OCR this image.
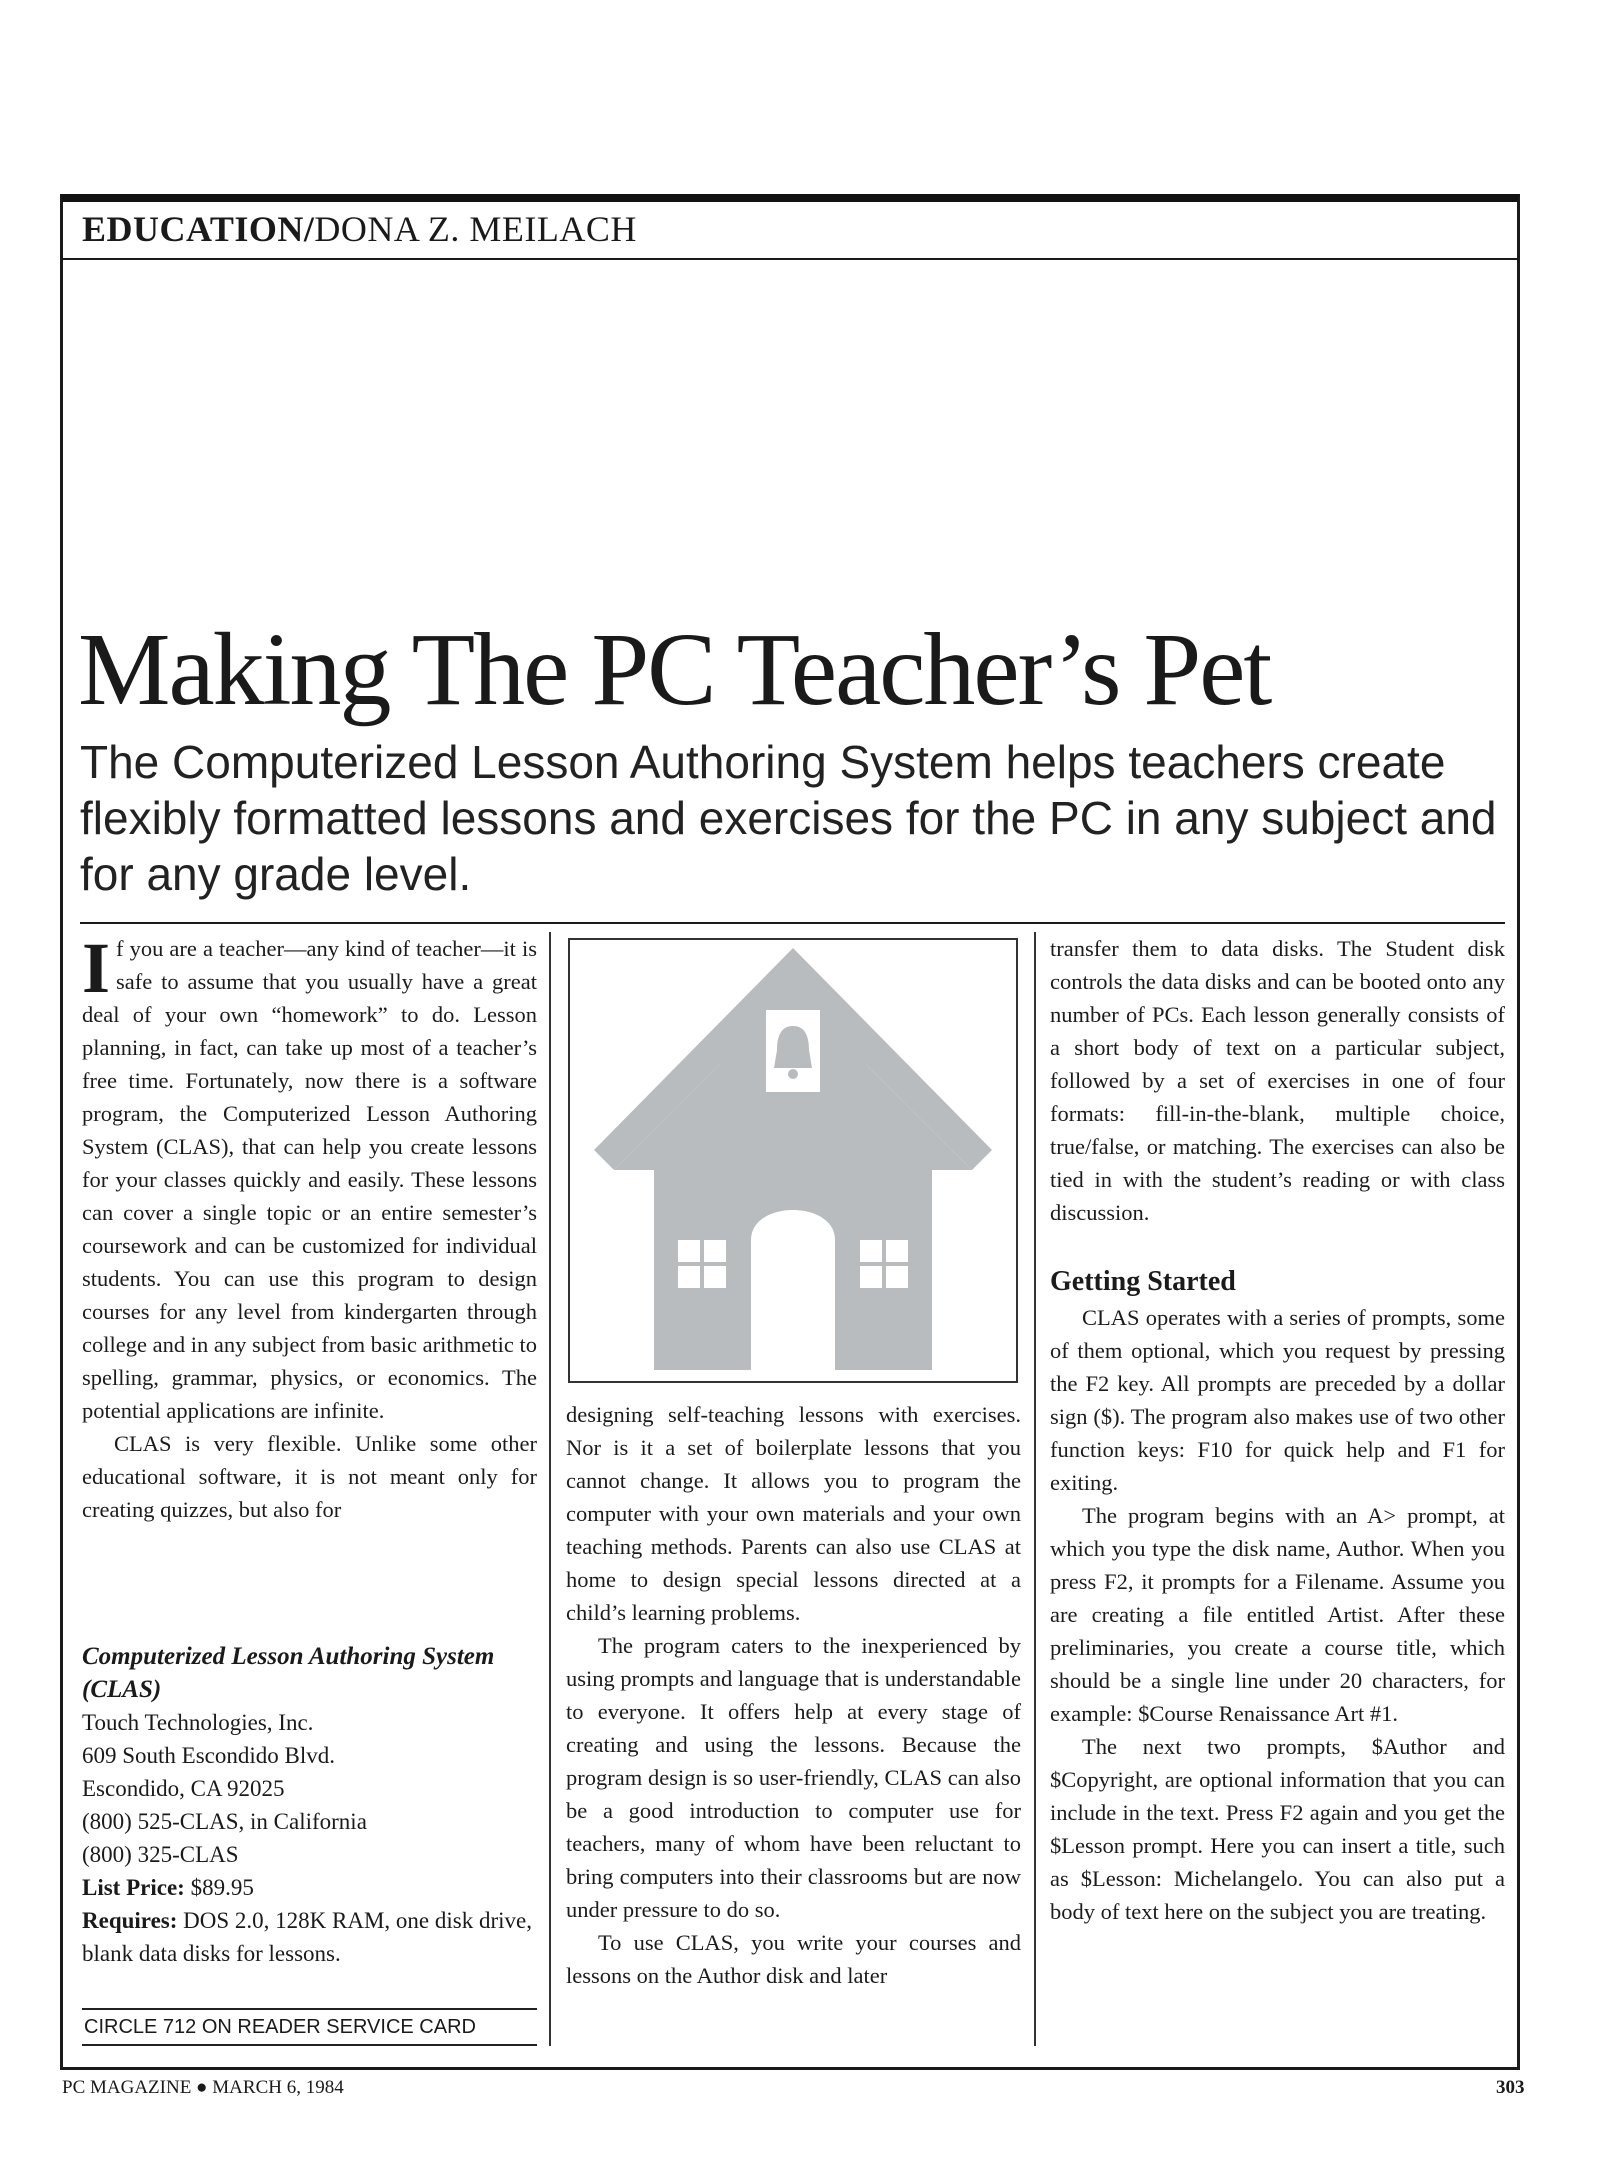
EDUCATION/DONA Z. MEILACH
Making The PC Teacher’s Pet
The Computerized Lesson Authoring System helps teachers create flexibly formatted lessons and exercises for the PC in any subject and for any grade level.

If you are a teacher—any kind of teacher—it is safe to assume that you usually have a great deal of your own “homework” to do. Lesson planning, in fact, can take up most of a teacher’s free time. Fortunately, now there is a software program, the Computerized Lesson Authoring System (CLAS), that can help you create lessons for your classes quickly and easily. These lessons can cover a single topic or an entire semester’s coursework and can be customized for individual students. You can use this program to design courses for any level from kindergarten through college and in any subject from basic arithmetic to spelling, grammar, physics, or economics. The potential applications are infinite.

CLAS is very flexible. Unlike some other educational software, it is not meant only for creating quizzes, but also for

Computerized Lesson Authoring System (CLAS)
Touch Technologies, Inc.
609 South Escondido Blvd.
Escondido, CA 92025
(800) 525-CLAS, in California
(800) 325-CLAS
List Price: $89.95
Requires: DOS 2.0, 128K RAM, one disk drive, blank data disks for lessons.
CIRCLE 712 ON READER SERVICE CARD

designing self-teaching lessons with exercises. Nor is it a set of boilerplate lessons that you cannot change. It allows you to program the computer with your own materials and your own teaching methods. Parents can also use CLAS at home to design special lessons directed at a child’s learning problems.

The program caters to the inexperienced by using prompts and language that is understandable to everyone. It offers help at every stage of creating and using the lessons. Because the program design is so user-friendly, CLAS can also be a good introduction to computer use for teachers, many of whom have been reluctant to bring computers into their classrooms but are now under pressure to do so.

To use CLAS, you write your courses and lessons on the Author disk and later

transfer them to data disks. The Student disk controls the data disks and can be booted onto any number of PCs. Each lesson generally consists of a short body of text on a particular subject, followed by a set of exercises in one of four formats: fill-in-the-blank, multiple choice, true/false, or matching. The exercises can also be tied in with the student’s reading or with class discussion.

Getting Started

CLAS operates with a series of prompts, some of them optional, which you request by pressing the F2 key. All prompts are preceded by a dollar sign ($). The program also makes use of two other function keys: F10 for quick help and F1 for exiting.

The program begins with an A> prompt, at which you type the disk name, Author. When you press F2, it prompts for a Filename. Assume you are creating a file entitled Artist. After these preliminaries, you create a course title, which should be a single line under 20 characters, for example: $Course Renaissance Art #1.

The next two prompts, $Author and $Copyright, are optional information that you can include in the text. Press F2 again and you get the $Lesson prompt. Here you can insert a title, such as $Lesson: Michelangelo. You can also put a body of text here on the subject you are treating.

PC MAGAZINE ● MARCH 6, 1984	303
